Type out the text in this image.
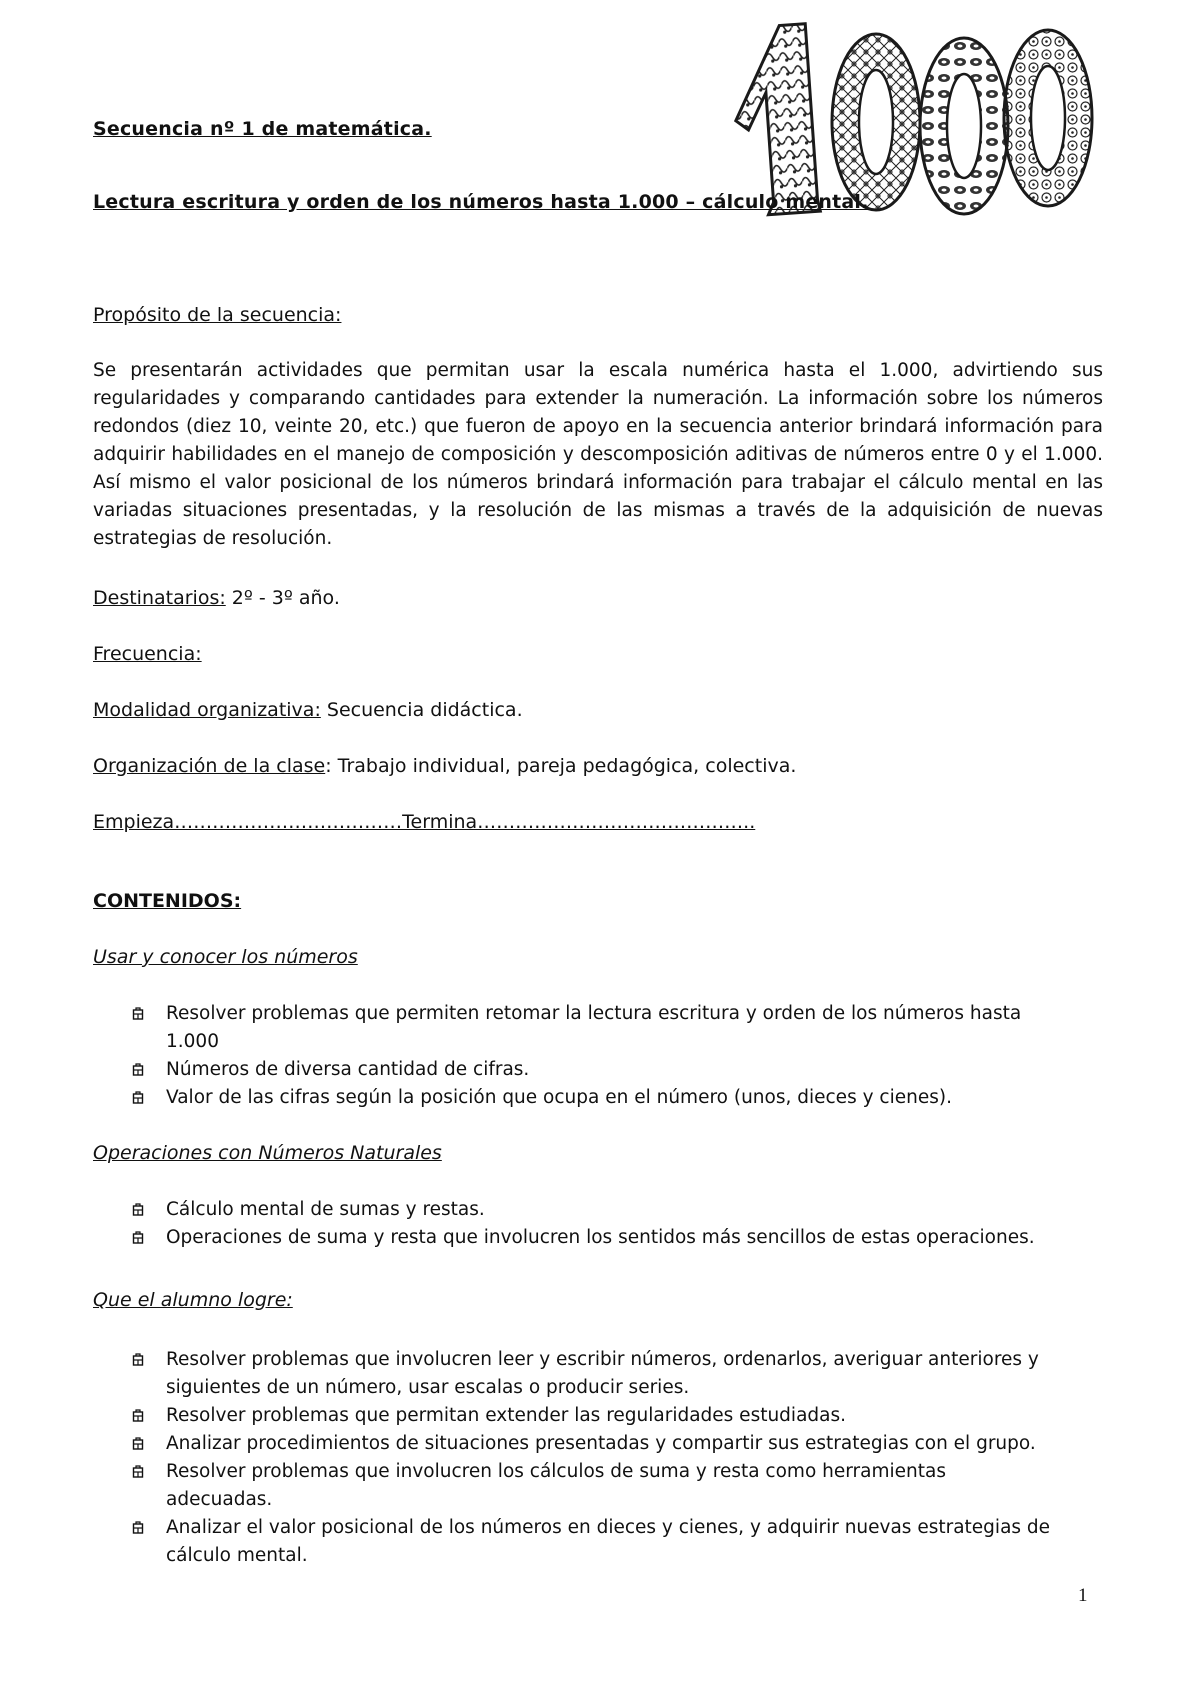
Secuencia nº 1 de matemática.
Lectura escritura y orden de los números hasta 1.000 – cálculo mental.
Propósito de la secuencia:
Se presentarán actividades que permitan usar la escala numérica hasta el 1.000, advirtiendo sus regularidades y comparando cantidades para extender la numeración. La información sobre los números redondos (diez 10, veinte 20, etc.) que fueron de apoyo en la secuencia anterior brindará información para adquirir habilidades en el manejo de composición y descomposición aditivas de números entre 0 y el 1.000. Así mismo el valor posicional de los números brindará información para trabajar el cálculo mental en las variadas situaciones presentadas, y la resolución de las mismas a través de la adquisición de nuevas estrategias de resolución.
Destinatarios: 2º - 3º año.
Frecuencia:
Modalidad organizativa: Secuencia didáctica.
Organización de la clase: Trabajo individual, pareja pedagógica, colectiva.
Empieza………………………………Termina……………………………………..
CONTENIDOS:
Usar y conocer los números
Resolver problemas que permiten retomar la lectura escritura y orden de los números hasta 1.000
Números de diversa cantidad de cifras.
Valor de las cifras según la posición que ocupa en el número (unos, dieces y cienes).
Operaciones con Números Naturales
Cálculo mental de sumas y restas.
Operaciones de suma y resta que involucren los sentidos más sencillos de estas operaciones.
Que el alumno logre:
Resolver problemas que involucren leer y escribir números, ordenarlos, averiguar anteriores y siguientes de un número, usar escalas o producir series.
Resolver problemas que permitan extender las regularidades estudiadas.
Analizar procedimientos de situaciones presentadas y compartir sus estrategias con el grupo.
Resolver problemas que involucren los cálculos de suma y resta como herramientas adecuadas.
Analizar el valor posicional de los números en dieces y cienes, y adquirir nuevas estrategias de cálculo mental.
1
